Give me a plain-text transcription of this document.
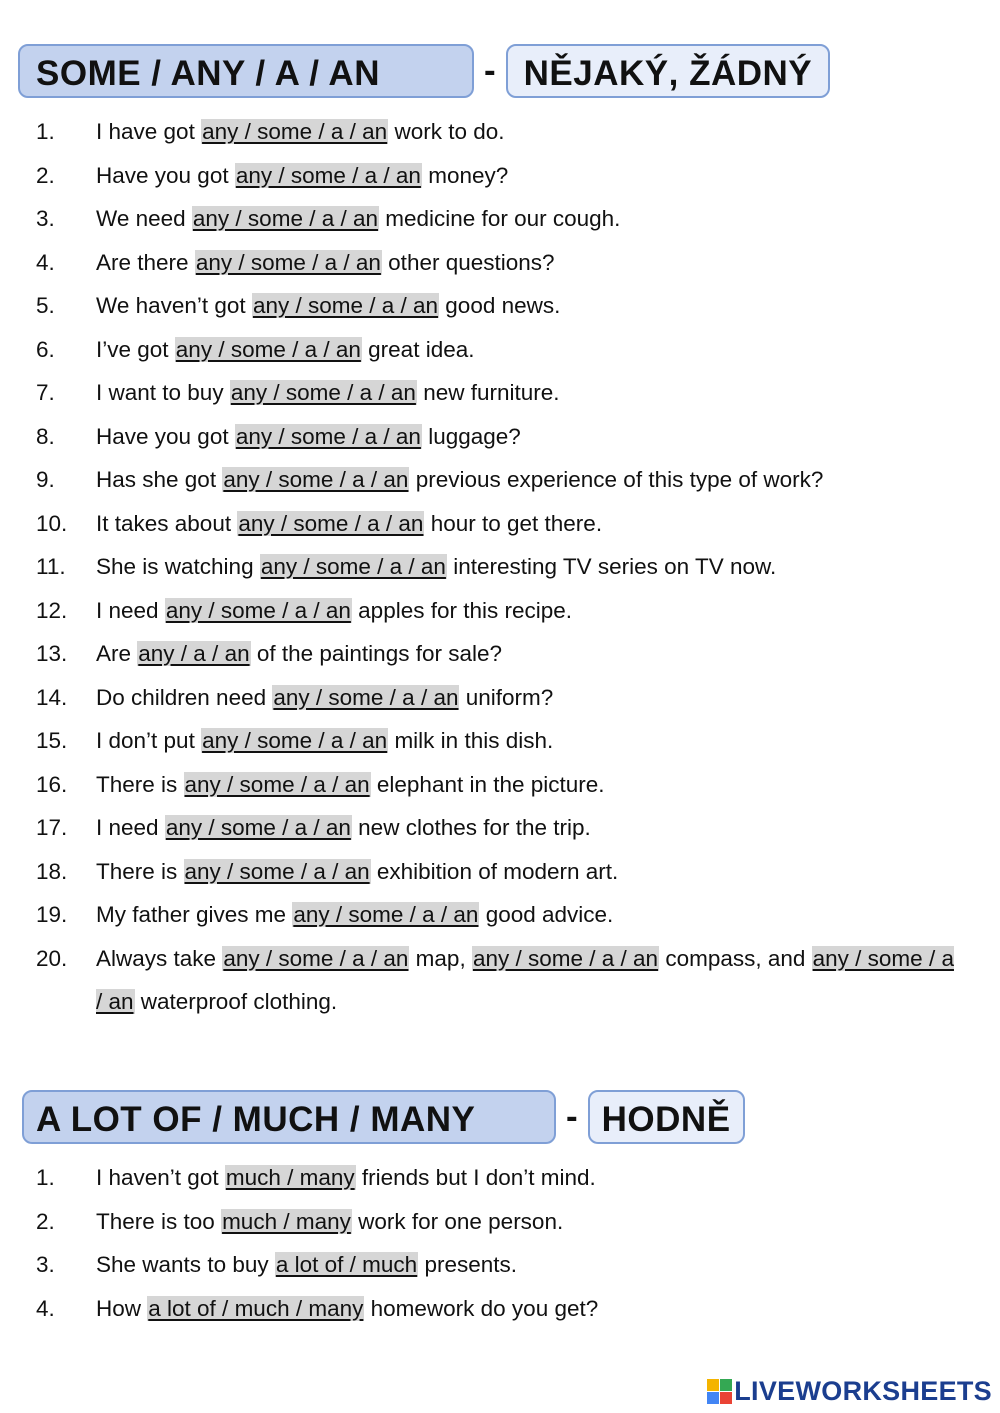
SOME / ANY / A / AN	- NĚJAKÝ, ŽÁDNÝ
1.	I have got any / some / a / an work to do.
2.	Have you got any / some / a / an money?
3.	We need any / some / a / an medicine for our cough.
4.	Are there any / some / a / an other questions?
5.	We haven’t got any / some / a / an good news.
6.	I’ve got any / some / a / an great idea.
7.	I want to buy any / some / a / an new furniture.
8.	Have you got any / some / a / an luggage?
9.	Has she got any / some / a / an previous experience of this type of work?
10.	It takes about any / some / a / an hour to get there.
11.	She is watching any / some / a / an interesting TV series on TV now.
12.	I need any / some / a / an apples for this recipe.
13.	Are any / a / an of the paintings for sale?
14.	Do children need any / some / a / an uniform?
15.	I don’t put any / some / a / an milk in this dish.
16.	There is any / some / a / an elephant in the picture.
17.	I need any / some / a / an new clothes for the trip.
18.	There is any / some / a / an exhibition of modern art.
19.	My father gives me any / some / a / an good advice.
20.	Always take any / some / a / an map, any / some / a / an compass, and any / some / a / an waterproof clothing.
A LOT OF / MUCH / MANY	- HODNĚ
1.	I haven’t got much / many friends but I don’t mind.
2.	There is too much / many work for one person.
3.	She wants to buy a lot of / much presents.
4.	How a lot of / much / many homework do you get?
LIVEWORKSHEETS
